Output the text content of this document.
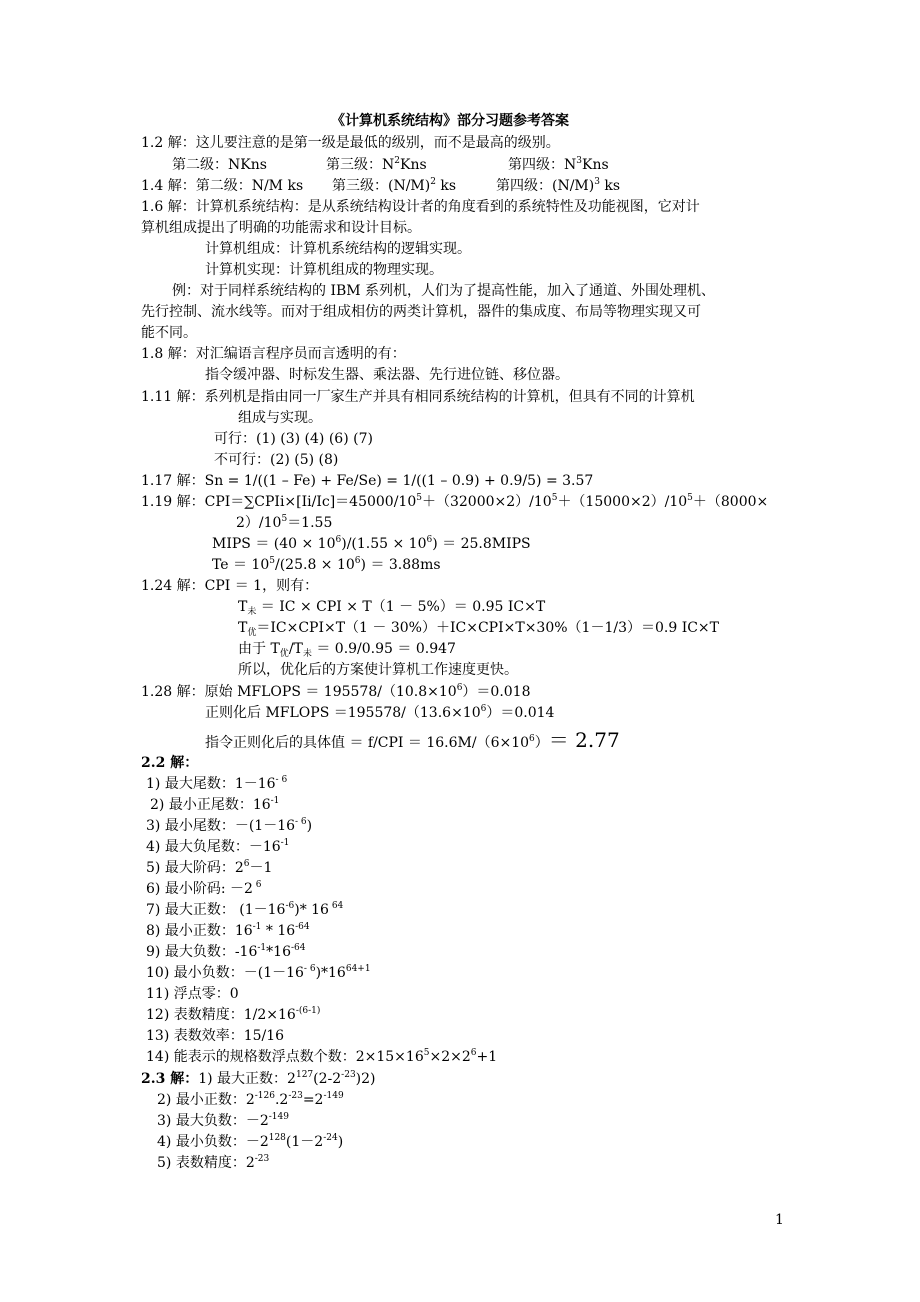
《计算机系统结构》部分习题参考答案
1.2 解：这儿要注意的是第一级是最低的级别，而不是最高的级别。
第二级：NKns	第三级：$N^2Kns$	第四级：$N^3Kns$
1.4 解：第二级：N/M ks 第三级：$(N/M)^2$ ks	第四级：$(N/M)^3$ ks
1.6 解：计算机系统结构：是从系统结构设计者的角度看到的系统特性及功能视图，它对计
算机组成提出了明确的功能需求和设计目标。
计算机组成：计算机系统结构的逻辑实现。
计算机实现：计算机组成的物理实现。
例：对于同样系统结构的 IBM 系列机，人们为了提高性能，加入了通道、外围处理机、
先行控制、流水线等。而对于组成相仿的两类计算机，器件的集成度、布局等物理实现又可
能不同。
1.8 解：对汇编语言程序员而言透明的有：
指令缓冲器、时标发生器、乘法器、先行进位链、移位器。
1.11 解：系列机是指由同一厂家生产并具有相同系统结构的计算机，但具有不同的计算机
组成与实现。
可行：(1) (3) (4) (6) (7)
不可行：(2) (5) (8)
1.17 解：Sn = 1/((1 – Fe) + Fe/Se) = 1/((1 – 0.9) + 0.9/5) = 3.57
1.19 解：$CPI=\sum CPIi\times[Ii/Ic]=45000/10^5+(32000\times 2)/10^5+(15000\times 2)/10^5+(8000\times$
$2)/10^5=1.55$
MIPS ＝ $(40 \times 10^6)/(1.55 \times 10^6)$ ＝ 25.8MIPS
$Te = 10^5/(25.8 \times 10^6) = 3.88ms$
1.24 解：CPI ＝ 1，则有：
$T_未$ ＝ IC × CPI × T（1 － 5%）＝ 0.95 IC×T
$T_优=IC\times CPI\times T(1 - 30\%)+IC\times CPI\times T\times 30\%(1-1/3)=0.9$ IC×T
由于 $T_优/T_未 = 0.9/0.95 = 0.947$
所以，优化后的方案使计算机工作速度更快。
1.28 解：原始 MFLOPS ＝ $195578/(10.8\times 10^6)=0.018$
正则化后 MFLOPS $=195578/(13.6\times 10^6)=0.014$
指令正则化后的具体值 ＝ $f/CPI = 16.6M/(6\times 10^6)= 2.77$
2.2 解：
1) 最大尾数：$1-16^{- 6}$
2) 最小正尾数：$16^{-1}$
3) 最小尾数：$-(1-16^{- 6})$
4) 最大负尾数：$-16^{-1}$
5) 最大阶码：$2^6-1$
6) 最小阶码: －2 $^6$
7) 最大正数： $(1-16^{-6})*$ 16 $^{64}$
8) 最小正数：$16^{-1} * 16^{-64}$
9) 最大负数：$-16^{-1}*16^{-64}$
10) 最小负数：$-(1-16^{- 6})*16^{64+1}$
11) 浮点零：0
12) 表数精度：$1/2\times 16^{-(6-1)}$
13) 表数效率：15/16
14) 能表示的规格数浮点数个数：$2\times 15\times 16^5\times 2\times 2^6+1$
2.3 解：1) 最大正数：$2^{127}(2-2^{-23})2$)
2) 最小正数：$2^{-126}.2^{-23}=2^{-149}$
3) 最大负数：$-2^{-149}$
4) 最小负数：$-2^{128}(1-2^{-24})$
5) 表数精度：$2^{-23}$
1
